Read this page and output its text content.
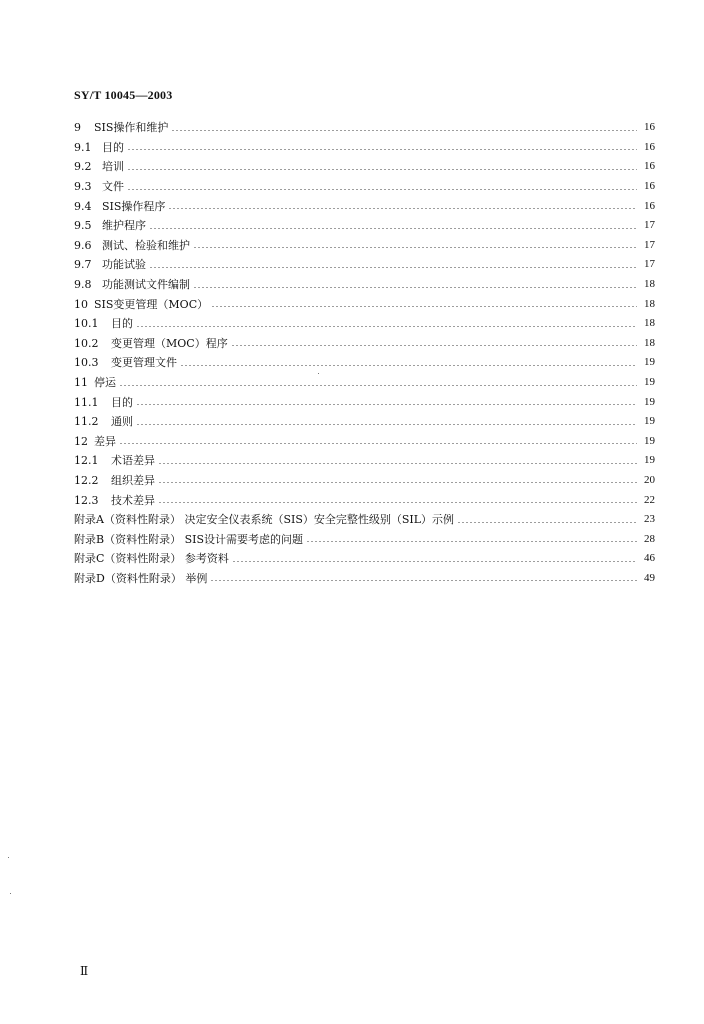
SY/T 10045—2003
9	SIS操作和维护	16
9.1 目的	16
9.2 培训	16
9.3 文件	16
9.4 SIS操作程序	16
9.5 维护程序	17
9.6 测试、检验和维护	17
9.7 功能试验	17
9.8 功能测试文件编制	18
10 SIS变更管理（MOC）	18
10.1	目的	18
10.2	变更管理（MOC）程序	18
10.3	变更管理文件	19
11 停运	19
11.1	目的	19
11.2	通则	19
12 差异	19
12.1	术语差异	19
12.2	组织差异	20
12.3	技术差异	22
附录A（资料性附录） 决定安全仪表系统（SIS）安全完整性级别（SIL）示例	23
附录B（资料性附录） SIS设计需要考虑的问题	28
附录C（资料性附录） 参考资料	46
附录D（资料性附录） 举例	49
Ⅱ
